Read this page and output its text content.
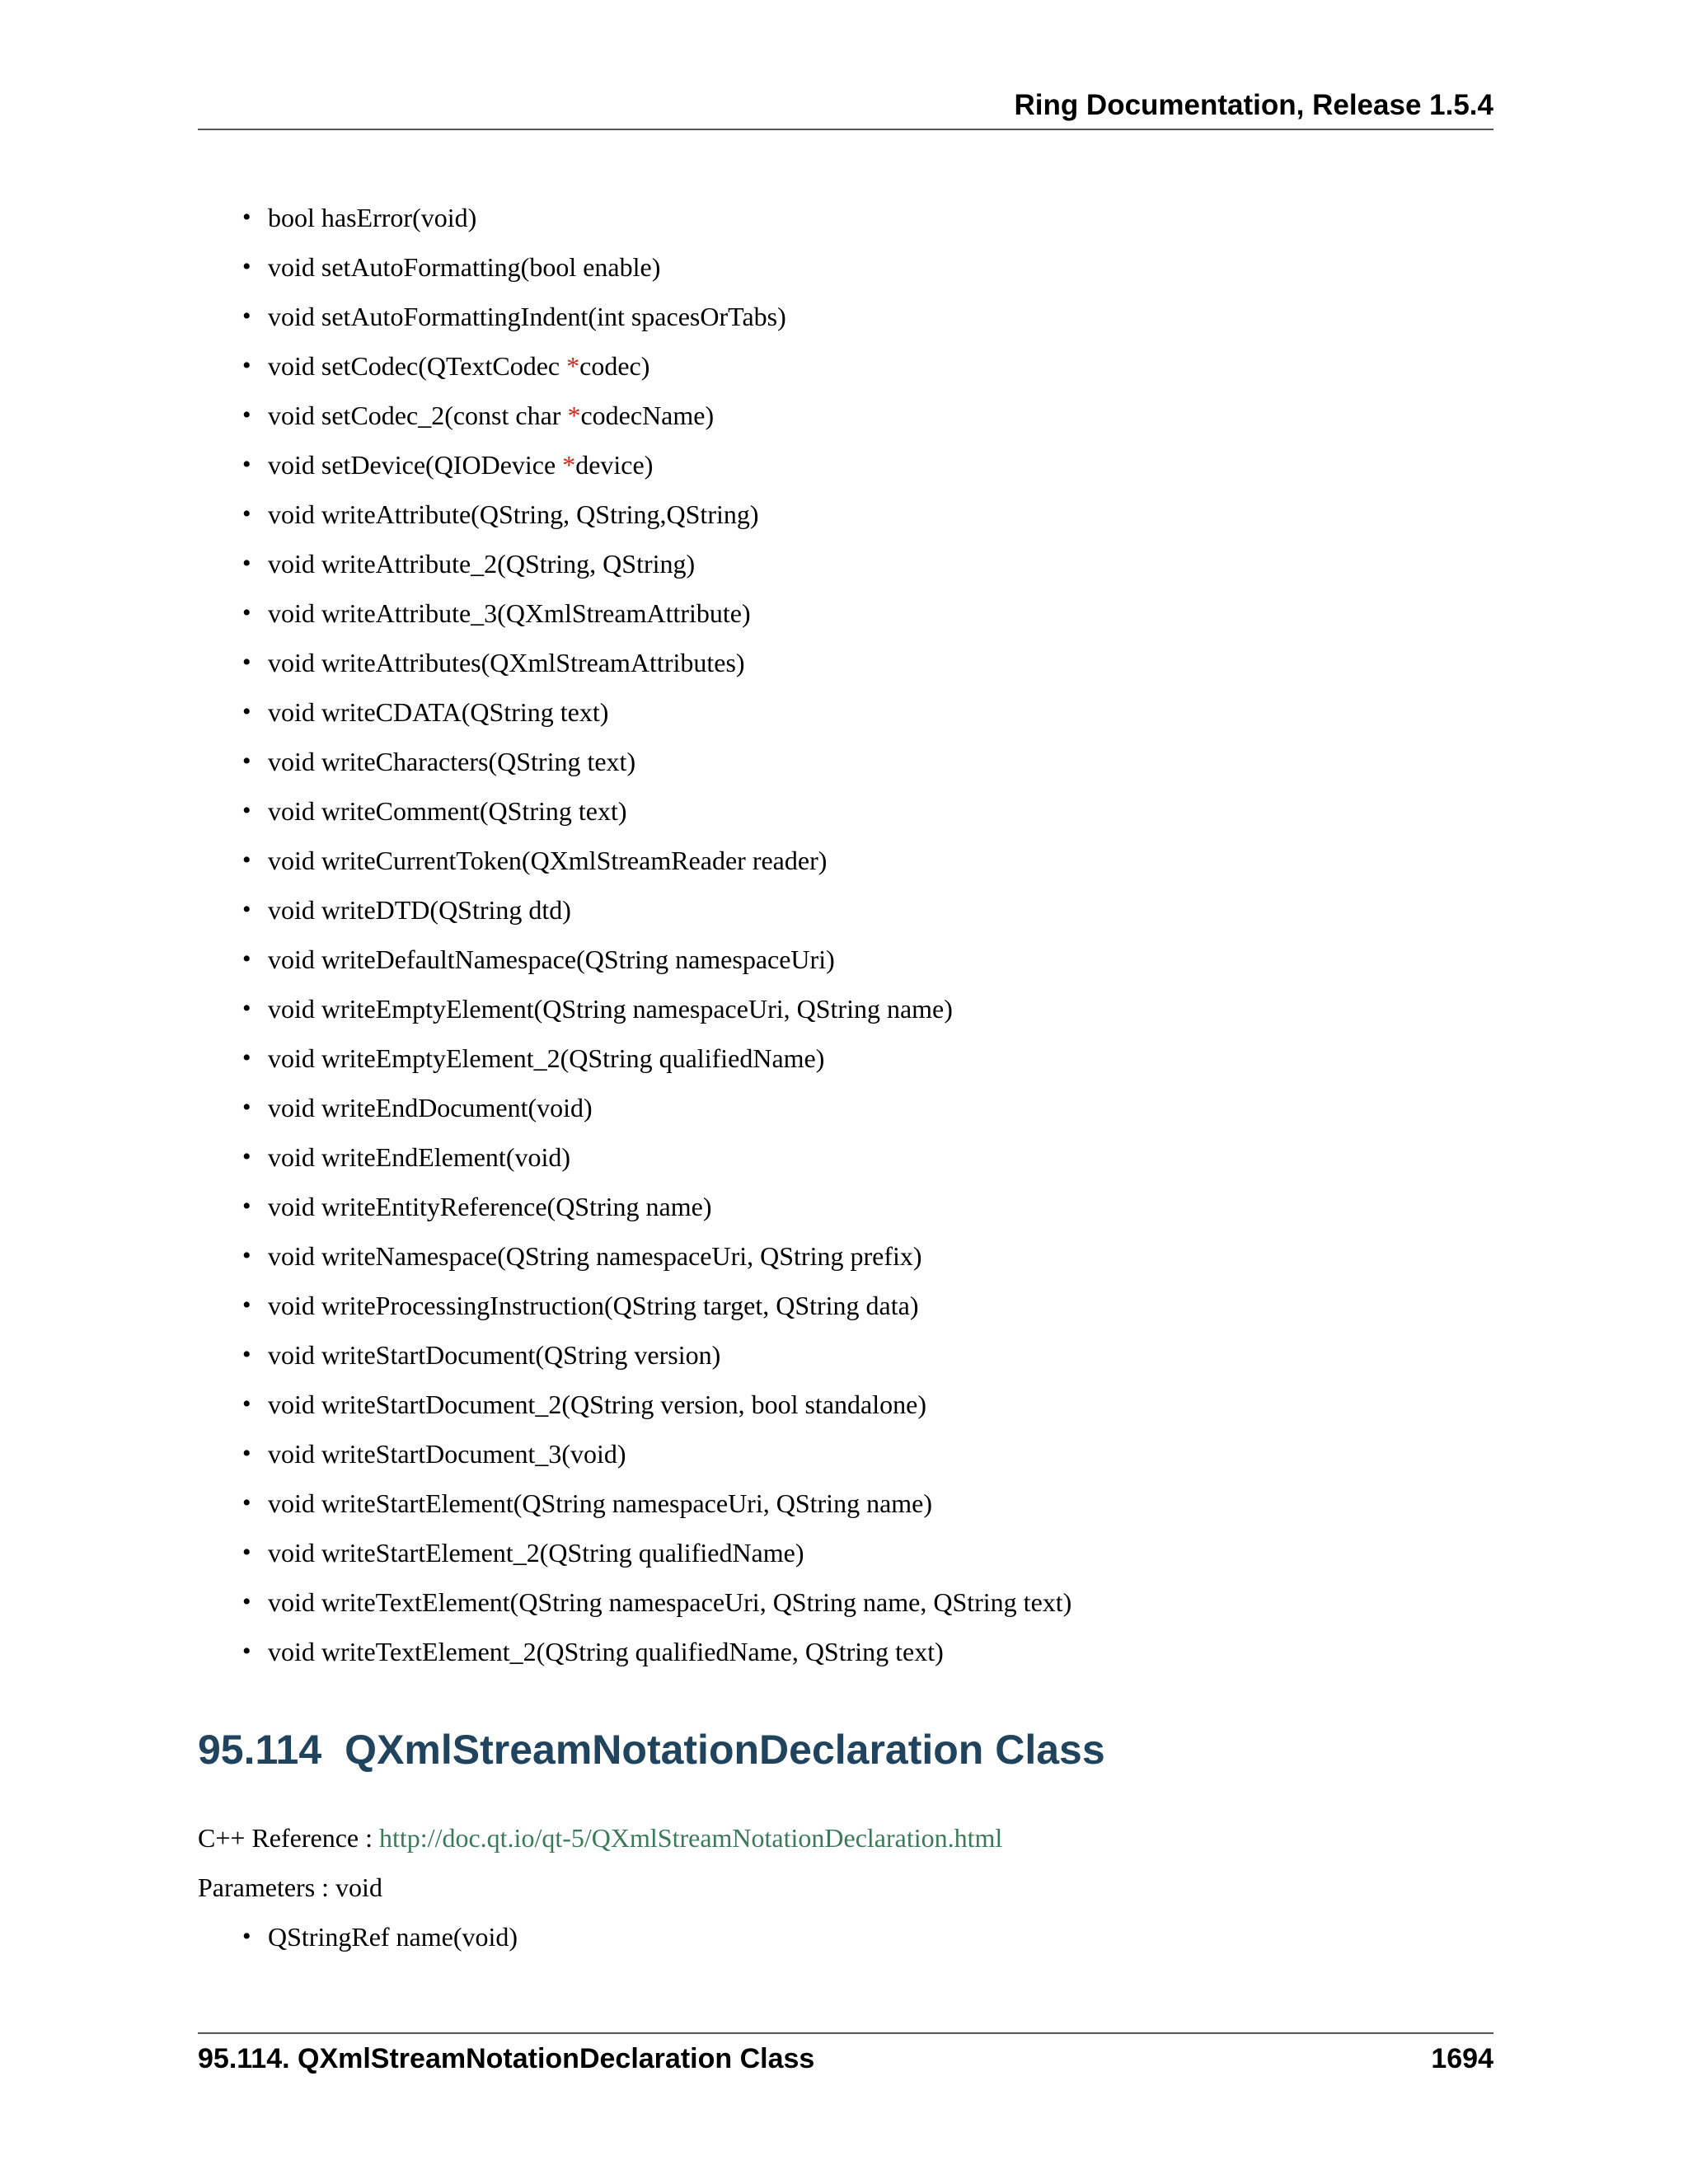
Ring Documentation, Release 1.5.4
• bool hasError(void)
• void setAutoFormatting(bool enable)
• void setAutoFormattingIndent(int spacesOrTabs)
• void setCodec(QTextCodec *codec)
• void setCodec_2(const char *codecName)
• void setDevice(QIODevice *device)
• void writeAttribute(QString, QString,QString)
• void writeAttribute_2(QString, QString)
• void writeAttribute_3(QXmlStreamAttribute)
• void writeAttributes(QXmlStreamAttributes)
• void writeCDATA(QString text)
• void writeCharacters(QString text)
• void writeComment(QString text)
• void writeCurrentToken(QXmlStreamReader reader)
• void writeDTD(QString dtd)
• void writeDefaultNamespace(QString namespaceUri)
• void writeEmptyElement(QString namespaceUri, QString name)
• void writeEmptyElement_2(QString qualifiedName)
• void writeEndDocument(void)
• void writeEndElement(void)
• void writeEntityReference(QString name)
• void writeNamespace(QString namespaceUri, QString prefix)
• void writeProcessingInstruction(QString target, QString data)
• void writeStartDocument(QString version)
• void writeStartDocument_2(QString version, bool standalone)
• void writeStartDocument_3(void)
• void writeStartElement(QString namespaceUri, QString name)
• void writeStartElement_2(QString qualifiedName)
• void writeTextElement(QString namespaceUri, QString name, QString text)
• void writeTextElement_2(QString qualifiedName, QString text)
95.114 QXmlStreamNotationDeclaration Class
C++ Reference : http://doc.qt.io/qt-5/QXmlStreamNotationDeclaration.html
Parameters : void
• QStringRef name(void)
95.114. QXmlStreamNotationDeclaration Class	1694
